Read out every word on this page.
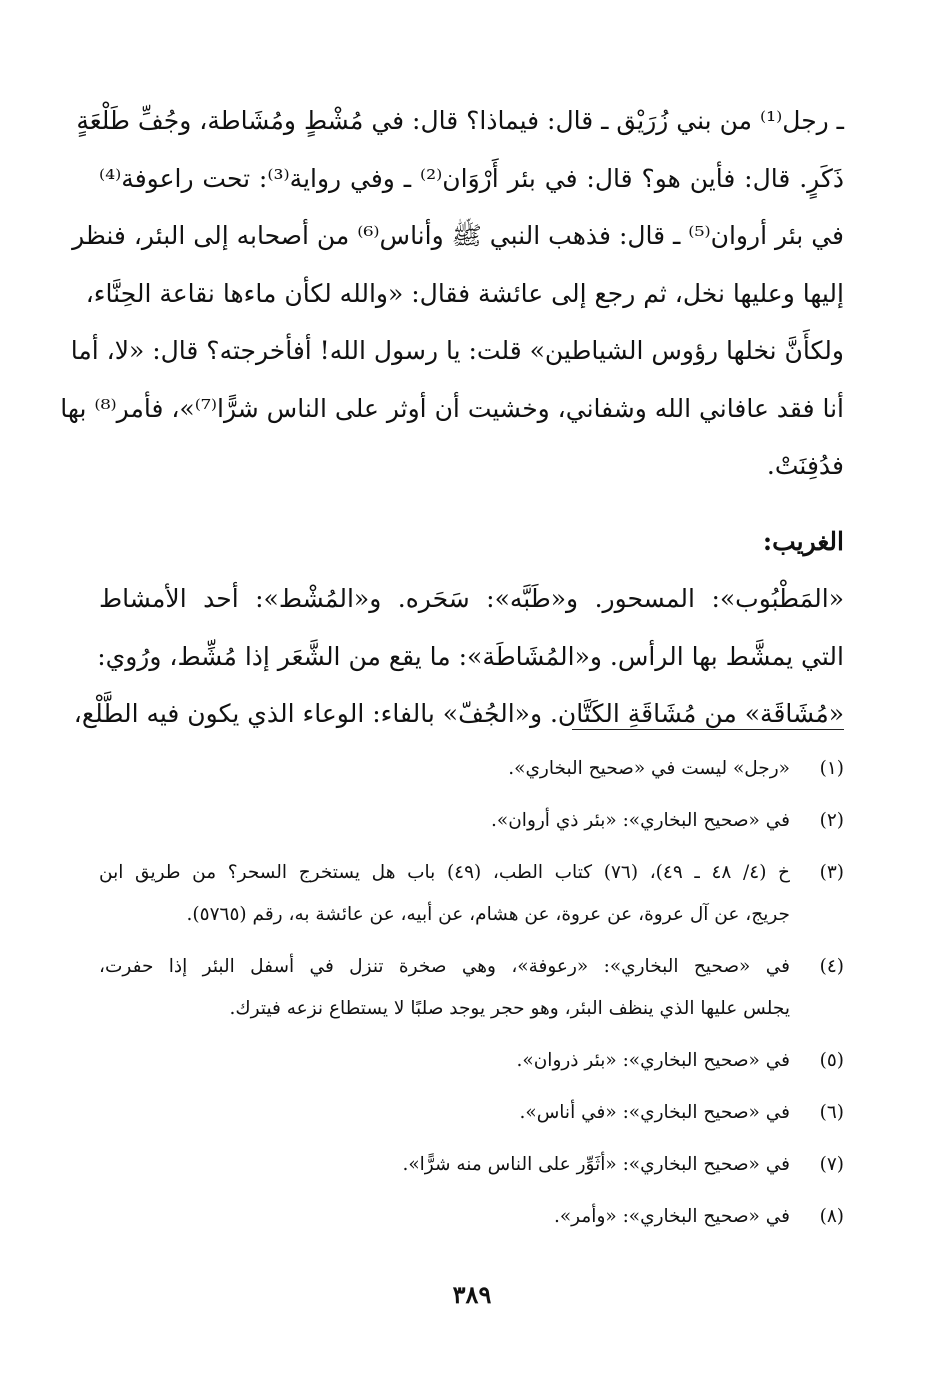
ـ رجل⁽¹⁾ من بني زُرَيْق ـ قال: فيماذا؟ قال: في مُشْطٍ ومُشَاطة، وجُفِّ طَلْعَةٍ
ذَكَرٍ. قال: فأين هو؟ قال: في بئر أَرْوَان⁽²⁾ ـ وفي رواية⁽³⁾: تحت راعوفة⁽⁴⁾
في بئر أروان⁽⁵⁾ ـ قال: فذهب النبي ﷺ وأناس⁽⁶⁾ من أصحابه إلى البئر، فنظر
إليها وعليها نخل، ثم رجع إلى عائشة فقال: «والله لكأن ماءها نقاعة الحِنَّاء،
ولكأَنَّ نخلها رؤوس الشياطين» قلت: يا رسول الله! أفأخرجته؟ قال: «لا، أما
أنا فقد عافاني الله وشفاني، وخشيت أن أوثر على الناس شرًّا⁽⁷⁾»، فأمر⁽⁸⁾ بها
فدُفِنَتْ.
الغريب:
«المَطْبُوب»: المسحور. و«طَبَّه»: سَحَره. و«المُشْط»: أحد الأمشاط
التي يمشَّط بها الرأس. و«المُشَاطَة»: ما يقع من الشَّعَر إذا مُشِّط، ورُوي:
«مُشَاقَة» من مُشَاقَةِ الكَتَّان. و«الجُفّ» بالفاء: الوعاء الذي يكون فيه الطَّلْع،
(١)
«رجل» ليست في «صحيح البخاري».
(٢)
في «صحيح البخاري»: «بئر ذي أروان».
(٣)
خ (٤/ ٤٨ ـ ٤٩)، (٧٦) كتاب الطب، (٤٩) باب هل يستخرج السحر؟ من طريق ابن
جريج، عن آل عروة، عن عروة، عن هشام، عن أبيه، عن عائشة به، رقم (٥٧٦٥).
(٤)
في «صحيح البخاري»: «رعوفة»، وهي صخرة تنزل في أسفل البئر إذا حفرت،
يجلس عليها الذي ينظف البئر، وهو حجر يوجد صلبًا لا يستطاع نزعه فيترك.
(٥)
في «صحيح البخاري»: «بئر ذروان».
(٦)
في «صحيح البخاري»: «في أناس».
(٧)
في «صحيح البخاري»: «أثَوِّر على الناس منه شرًّا».
(٨)
في «صحيح البخاري»: «وأمر».
٣٨٩
